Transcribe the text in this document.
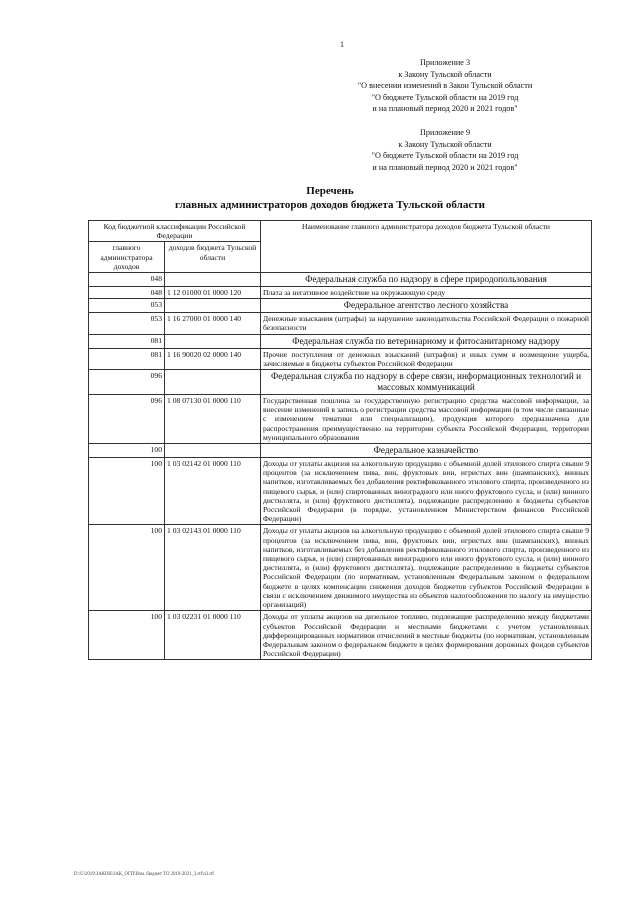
1
Приложение 3
к Закону Тульской области
"О внесении изменений в Закон Тульской области
"О бюджете Тульской области на 2019 год
и на плановый период 2020 и 2021 годов"
Приложение 9
к Закону Тульской области
"О бюджете Тульской области на 2019 год
и на плановый период 2020 и 2021 годов"
Перечень
главных администраторов доходов бюджета Тульской области
Код бюджетной классификации Российской Федерации		Наименование главного администратора доходов бюджета Тульской области
главного администратора доходов	доходов бюджета Тульской области	
048		Федеральная служба по надзору в сфере природопользования
048	1 12 01000 01 0000 120	Плата за негативное воздействие на окружающую среду
053		Федеральное агентство лесного хозяйства
053	1 16 27000 01 0000 140	Денежные взыскания (штрафы) за нарушение законодательства Российской Федерации о пожарной безопасности
081		Федеральная служба по ветеринарному и фитосанитарному надзору
081	1 16 90020 02 0000 140	Прочие поступления от денежных взысканий (штрафов) и иных сумм в возмещение ущерба, зачисляемые в бюджеты субъектов Российской Федерации
096		Федеральная служба по надзору в сфере связи, информационных технологий и массовых коммуникаций
096	1 08 07130 01 0000 110	Государственная пошлина за государственную регистрацию средства массовой информации, за внесение изменений в запись о регистрации средства массовой информации (в том числе связанные с изменением тематики или специализации), продукция которого предназначена для распространения преимущественно на территории субъекта Российской Федерации, территории муниципального образования
100		Федеральное казначейство
100	1 03 02142 01 0000 110	Доходы от уплаты акцизов на алкогольную продукцию с объемной долей этилового спирта свыше 9 процентов (за исключением пива, вин, фруктовых вин, игристых вин (шампанских), винных напитков, изготавливаемых без добавления ректификованного этилового спирта, произведенного из пищевого сырья, и (или) спиртованных виноградного или иного фруктового сусла, и (или) винного дистиллята, и (или) фруктового дистиллята), подлежащие распределению в бюджеты субъектов Российской Федерации (в порядке, установленном Министерством финансов Российской Федерации)
100	1 03 02143 01 0000 110	Доходы от уплаты акцизов на алкогольную продукцию с объемной долей этилового спирта свыше 9 процентов (за исключением пива, вин, фруктовых вин, игристых вин (шампанских), винных напитков, изготавливаемых без добавления ректификованного этилового спирта, произведенного из пищевого сырья, и (или) спиртованных виноградного или иного фруктового сусла, и (или) винного дистиллята, и (или) фруктового дистиллята), подлежащие распределению в бюджеты субъектов Российской Федерации (по нормативам, установленным Федеральным законом о федеральном бюджете в целях компенсации снижения доходов бюджетов субъектов Российской Федерации в связи с исключением движимого имущества из объектов налогообложения по налогу на имущество организаций)
100	1 03 02231 01 0000 110	Доходы от уплаты акцизов на дизельное топливо, подлежащие распределению между бюджетами субъектов Российской Федерации и местными бюджетами с учетом установленных дифференцированных нормативов отчислений в местные бюджеты (по нормативам, установленным Федеральным законом о федеральном бюджете в целях формирования дорожных фондов субъектов Российской Федерации)
D:\U\2019\ЗАКОН\ЗАК_ОГП\Изм. бюджет ТО 2019-2021_3.rtf\n3.rtf
